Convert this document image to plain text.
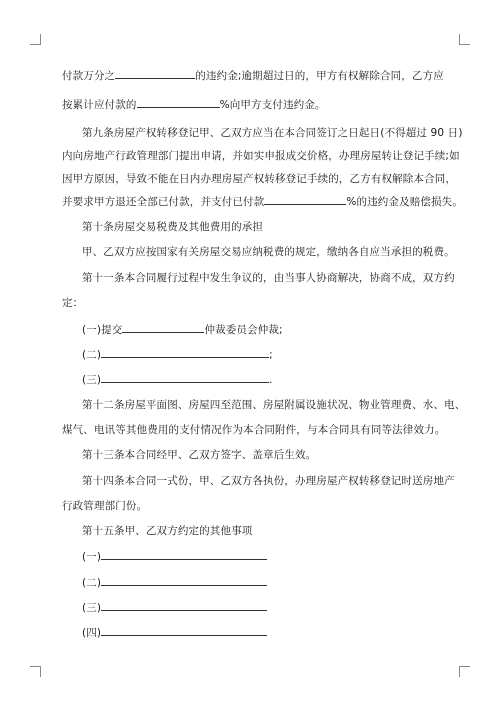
付款万分之	的违约金;逾期超过日的，甲方有权解除合同，乙方应
按累计应付款的	%向甲方支付违约金。
第九条房屋产权转移登记甲、乙双方应当在本合同签订之日起日(不得超过 90 日)
内向房地产行政管理部门提出申请，并如实申报成交价格，办理房屋转让登记手续;如
因甲方原因，导致不能在日内办理房屋产权转移登记手续的，乙方有权解除本合同，
并要求甲方退还全部已付款，并支付已付款	%的违约金及赔偿损失。
第十条房屋交易税费及其他费用的承担
甲、乙双方应按国家有关房屋交易应纳税费的规定，缴纳各自应当承担的税费。
第十一条本合同履行过程中发生争议的，由当事人协商解决，协商不成，双方约
定：
(一)提交	仲裁委员会仲裁;
(二)	;
(三)	.
第十二条房屋平面图、房屋四至范围、房屋附属设施状况、物业管理费、水、电、
煤气、电讯等其他费用的支付情况作为本合同附件，与本合同具有同等法律效力。
第十三条本合同经甲、乙双方签字、盖章后生效。
第十四条本合同一式份，甲、乙双方各执份，办理房屋产权转移登记时送房地产
行政管理部门份。
第十五条甲、乙双方约定的其他事项
(一)
(二)
(三)
(四)
